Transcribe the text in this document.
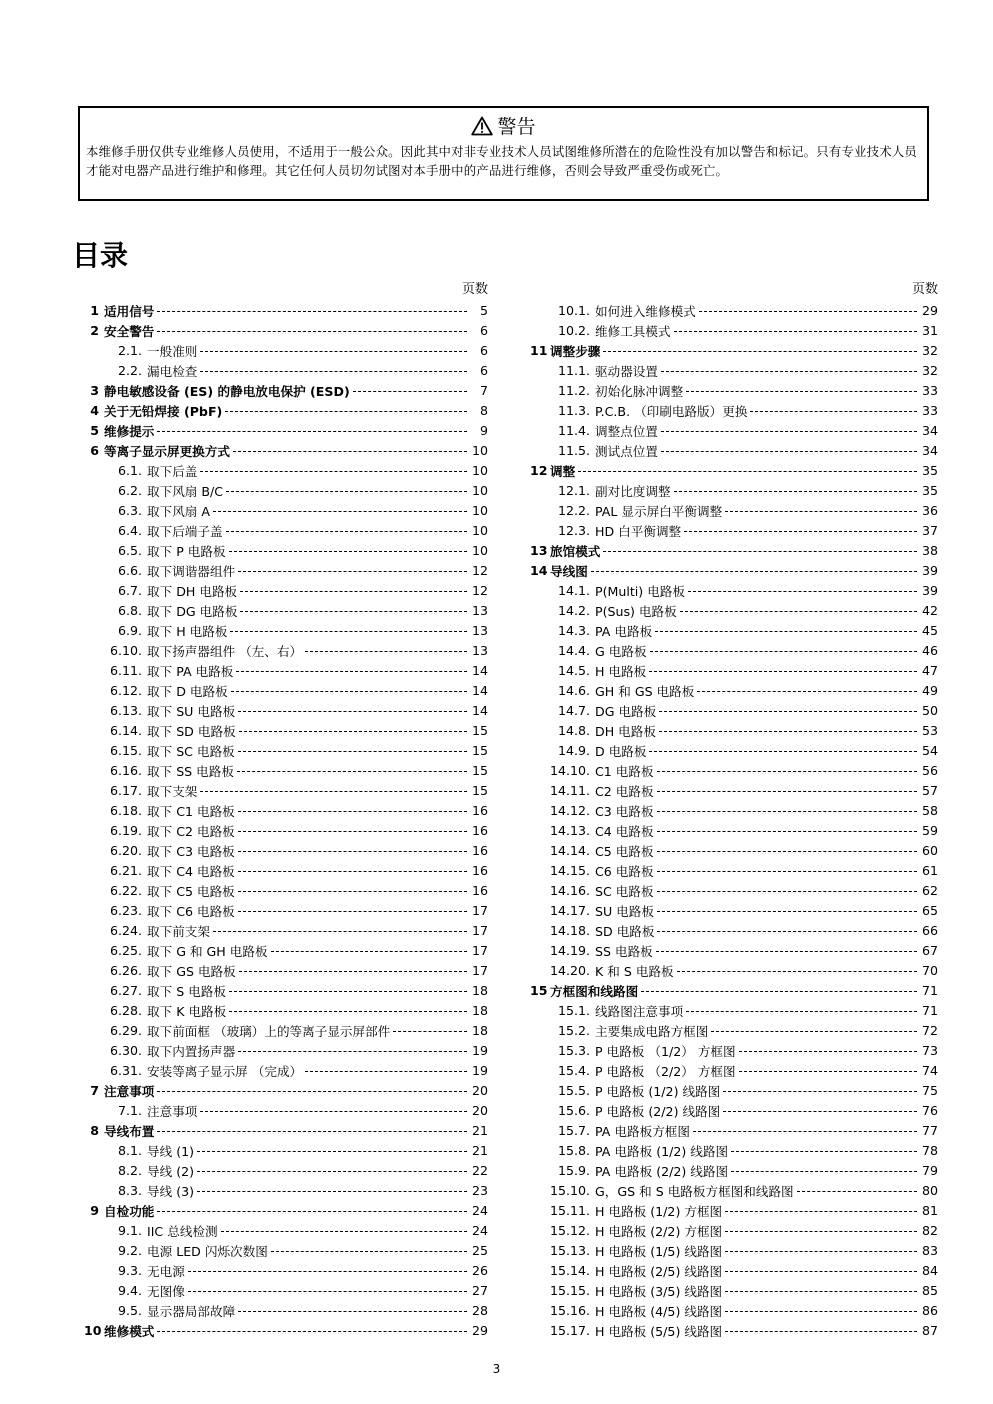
警告
本维修手册仅供专业维修人员使用，不适用于一般公众。因此其中对非专业技术人员试图维修所潜在的危险性没有加以警告和标记。只有专业技术人员才能对电器产品进行维护和修理。其它任何人员切勿试图对本手册中的产品进行维修，否则会导致严重受伤或死亡。
目录
页数
1 适用信号	5
2 安全警告	6
2.1. 一般准则	6
2.2. 漏电检查	6
3 静电敏感设备 (ES) 的静电放电保护 (ESD)	7
4 关于无铅焊接 (PbF)	8
5 维修提示	9
6 等离子显示屏更换方式	10
6.1. 取下后盖	10
6.2. 取下风扇 B/C	10
6.3. 取下风扇 A	10
6.4. 取下后端子盖	10
6.5. 取下 P 电路板	10
6.6. 取下调谐器组件	12
6.7. 取下 DH 电路板	12
6.8. 取下 DG 电路板	13
6.9. 取下 H 电路板	13
6.10. 取下扬声器组件 （左、右）	13
6.11. 取下 PA 电路板	14
6.12. 取下 D 电路板	14
6.13. 取下 SU 电路板	14
6.14. 取下 SD 电路板	15
6.15. 取下 SC 电路板	15
6.16. 取下 SS 电路板	15
6.17. 取下支架	15
6.18. 取下 C1 电路板	16
6.19. 取下 C2 电路板	16
6.20. 取下 C3 电路板	16
6.21. 取下 C4 电路板	16
6.22. 取下 C5 电路板	16
6.23. 取下 C6 电路板	17
6.24. 取下前支架	17
6.25. 取下 G 和 GH 电路板	17
6.26. 取下 GS 电路板	17
6.27. 取下 S 电路板	18
6.28. 取下 K 电路板	18
6.29. 取下前面框 （玻璃）上的等离子显示屏部件	18
6.30. 取下内置扬声器	19
6.31. 安装等离子显示屏 （完成）	19
7 注意事项	20
7.1. 注意事项	20
8 导线布置	21
8.1. 导线 (1)	21
8.2. 导线 (2)	22
8.3. 导线 (3)	23
9 自检功能	24
9.1. IIC 总线检测	24
9.2. 电源 LED 闪烁次数图	25
9.3. 无电源	26
9.4. 无图像	27
9.5. 显示器局部故障	28
10 维修模式	29
页数
10.1. 如何进入维修模式	29
10.2. 维修工具模式	31
11 调整步骤	32
11.1. 驱动器设置	32
11.2. 初始化脉冲调整	33
11.3. P.C.B. （印刷电路版）更换	33
11.4. 调整点位置	34
11.5. 测试点位置	34
12 调整	35
12.1. 副对比度调整	35
12.2. PAL 显示屏白平衡调整	36
12.3. HD 白平衡调整	37
13 旅馆模式	38
14 导线图	39
14.1. P(Multi) 电路板	39
14.2. P(Sus) 电路板	42
14.3. PA 电路板	45
14.4. G 电路板	46
14.5. H 电路板	47
14.6. GH 和 GS 电路板	49
14.7. DG 电路板	50
14.8. DH 电路板	53
14.9. D 电路板	54
14.10. C1 电路板	56
14.11. C2 电路板	57
14.12. C3 电路板	58
14.13. C4 电路板	59
14.14. C5 电路板	60
14.15. C6 电路板	61
14.16. SC 电路板	62
14.17. SU 电路板	65
14.18. SD 电路板	66
14.19. SS 电路板	67
14.20. K 和 S 电路板	70
15 方框图和线路图	71
15.1. 线路图注意事项	71
15.2. 主要集成电路方框图	72
15.3. P 电路板 （1/2） 方框图	73
15.4. P 电路板 （2/2） 方框图	74
15.5. P 电路板 (1/2) 线路图	75
15.6. P 电路板 (2/2) 线路图	76
15.7. PA 电路板方框图	77
15.8. PA 电路板 (1/2) 线路图	78
15.9. PA 电路板 (2/2) 线路图	79
15.10. G，GS 和 S 电路板方框图和线路图	80
15.11. H 电路板 (1/2) 方框图	81
15.12. H 电路板 (2/2) 方框图	82
15.13. H 电路板 (1/5) 线路图	83
15.14. H 电路板 (2/5) 线路图	84
15.15. H 电路板 (3/5) 线路图	85
15.16. H 电路板 (4/5) 线路图	86
15.17. H 电路板 (5/5) 线路图	87
3
